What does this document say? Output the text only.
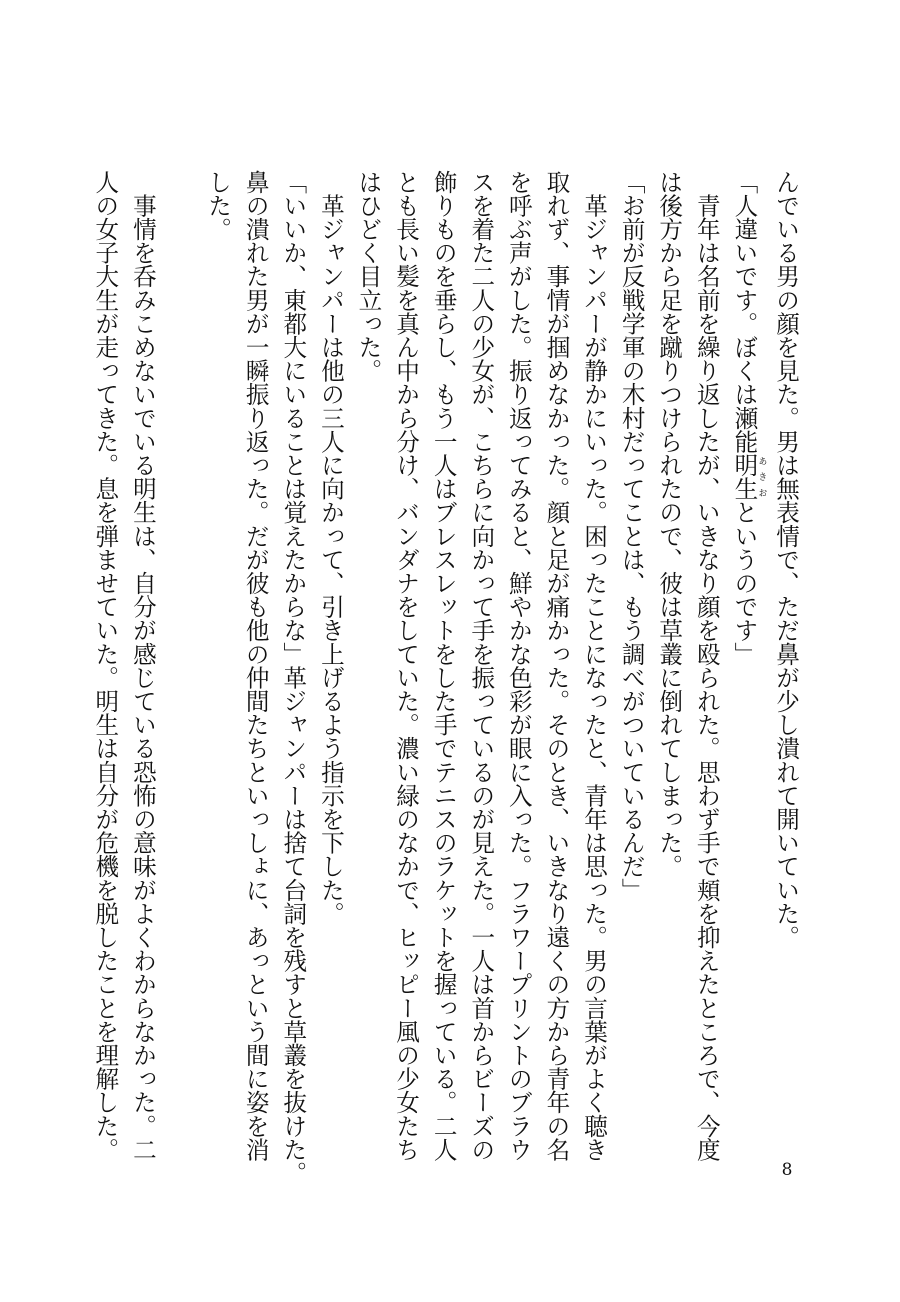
んでいる男の顔を見た。男は無表情で、ただ鼻が少し潰れて開いていた。
「人違いです。ぼくは瀬能明生あきおというのです」
　青年は名前を繰り返したが、いきなり顔を殴られた。思わず手で頬を抑えたところで、今度
は後方から足を蹴りつけられたので、彼は草叢に倒れてしまった。
「お前が反戦学軍の木村だってことは、もう調べがついているんだ」
　革ジャンパーが静かにいった。困ったことになったと、青年は思った。男の言葉がよく聴き
取れず、事情が掴めなかった。顔と足が痛かった。そのとき、いきなり遠くの方から青年の名
を呼ぶ声がした。振り返ってみると、鮮やかな色彩が眼に入った。フラワープリントのブラウ
スを着た二人の少女が、こちらに向かって手を振っているのが見えた。一人は首からビーズの
飾りものを垂らし、もう一人はブレスレットをした手でテニスのラケットを握っている。二人
とも長い髪を真ん中から分け、バンダナをしていた。濃い緑のなかで、ヒッピー風の少女たち
はひどく目立った。
　革ジャンパーは他の三人に向かって、引き上げるよう指示を下した。
「いいか、東都大にいることは覚えたからな」革ジャンパーは捨て台詞を残すと草叢を抜けた。
鼻の潰れた男が一瞬振り返った。だが彼も他の仲間たちといっしょに、あっという間に姿を消
した。

　事情を呑みこめないでいる明生は、自分が感じている恐怖の意味がよくわからなかった。二
人の女子大生が走ってきた。息を弾ませていた。明生は自分が危機を脱したことを理解した。
8
